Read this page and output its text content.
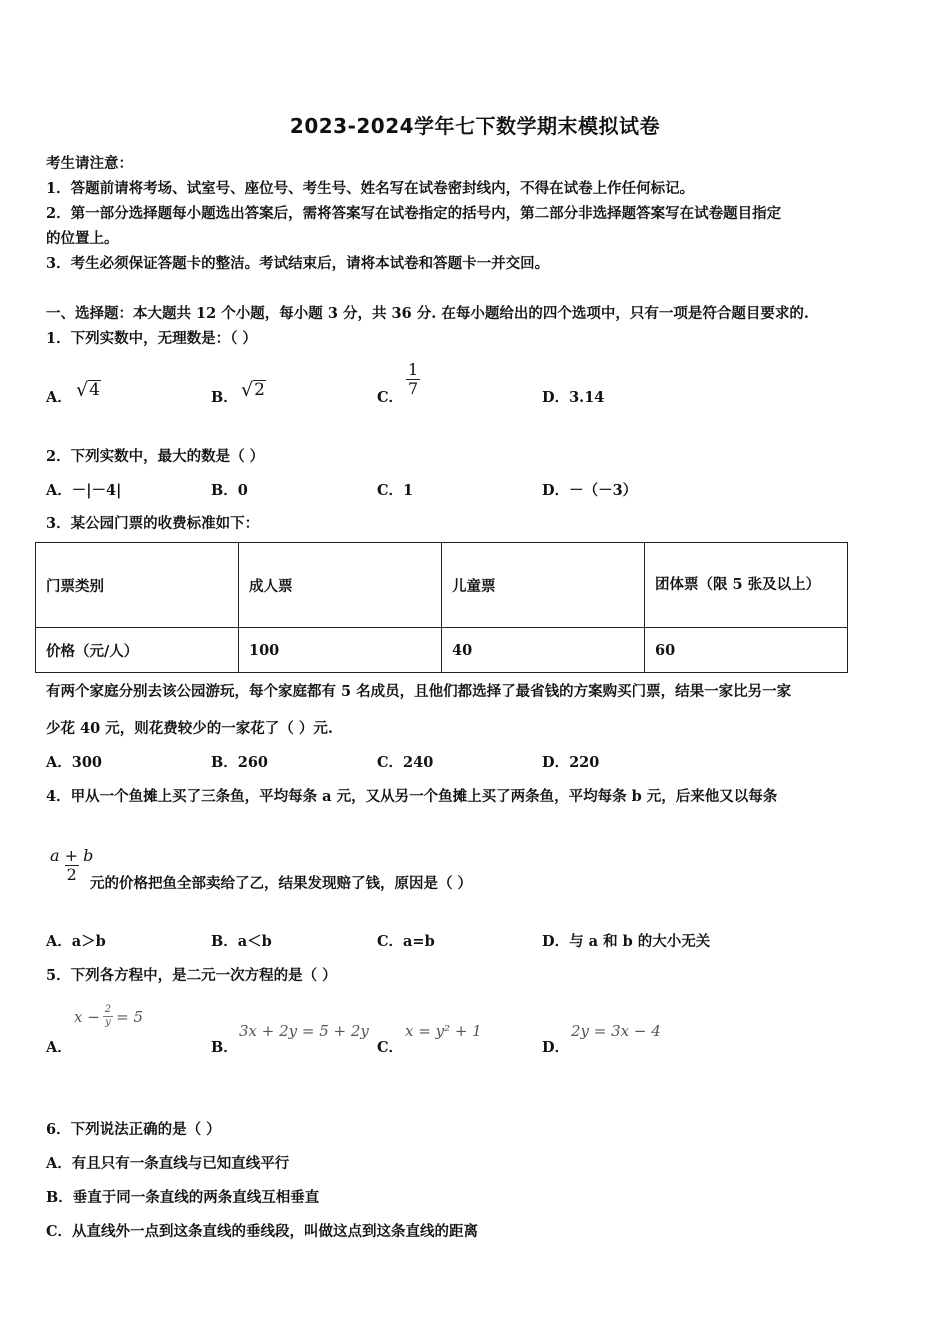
2023-2024学年七下数学期末模拟试卷
考生请注意：
1．答题前请将考场、试室号、座位号、考生号、姓名写在试卷密封线内，不得在试卷上作任何标记。
2．第一部分选择题每小题选出答案后，需将答案写在试卷指定的括号内，第二部分非选择题答案写在试卷题目指定
的位置上。
3．考生必须保证答题卡的整洁。考试结束后，请将本试卷和答题卡一并交回。
一、选择题：本大题共 12 个小题，每小题 3 分，共 36 分. 在每小题给出的四个选项中，只有一项是符合题目要求的.
1．下列实数中，无理数是：（ ）
A． √ 4	B． √ 2	C． $\frac{1}{7}$	D．3.14
2．下列实数中，最大的数是（ ）
A．－|－4|	B．0	C．1	D．－（－3）
3．某公园门票的收费标准如下：
门票类别	成人票	儿童票	团体票（限 5 张及以上）

价格（元/人）	100	40	60
有两个家庭分别去该公园游玩，每个家庭都有 5 名成员，且他们都选择了最省钱的方案购买门票，结果一家比另一家
少花 40 元，则花费较少的一家花了（ ）元.
A．300	B．260	C．240	D．220
4．甲从一个鱼摊上买了三条鱼，平均每条 a 元，又从另一个鱼摊上买了两条鱼，平均每条 b 元，后来他又以每条
$\frac{a + b}{2}$
元的价格把鱼全部卖给了乙，结果发现赔了钱，原因是（ ）
A．a＞b	B．a＜b	C．a=b	D．与 a 和 b 的大小无关
5．下列各方程中，是二元一次方程的是（ ）
A．
$x - \frac{2}{y} = 5$
B．
3x + 2y = 5 + 2y
C．
x = y² + 1
D．
2y = 3x − 4
6．下列说法正确的是（ ）
A．有且只有一条直线与已知直线平行
B．垂直于同一条直线的两条直线互相垂直
C．从直线外一点到这条直线的垂线段，叫做这点到这条直线的距离
